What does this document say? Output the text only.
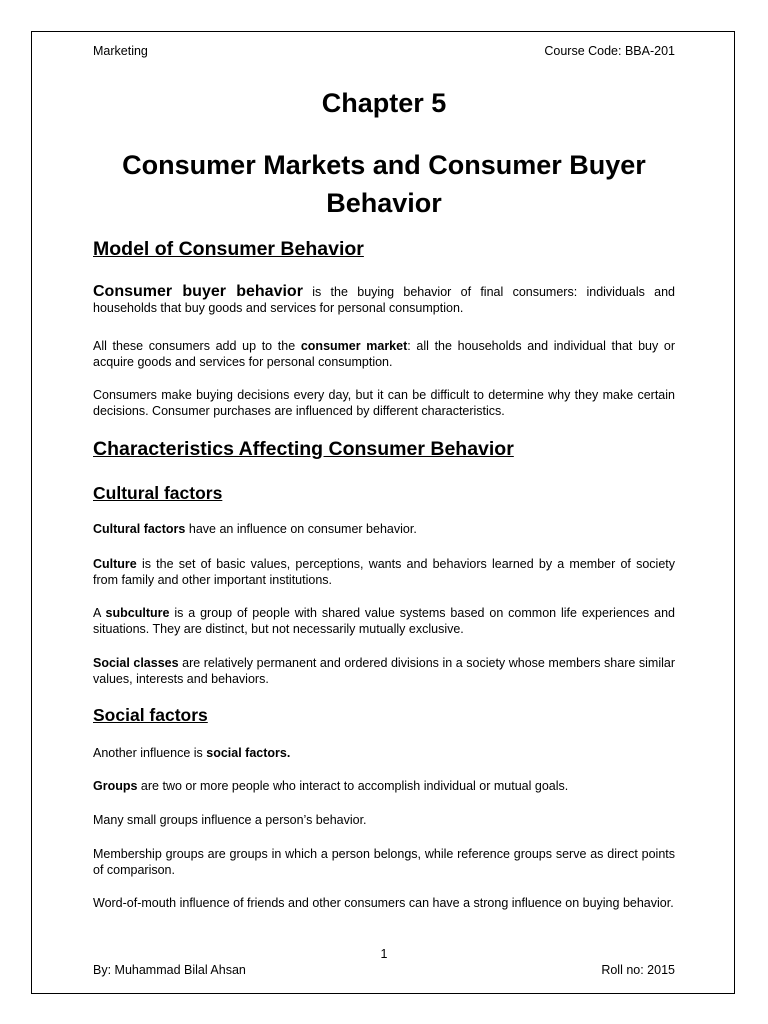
Marketing	Course Code: BBA-201
Chapter 5
Consumer Markets and Consumer Buyer Behavior
Model of Consumer Behavior

Consumer buyer behavior is the buying behavior of final consumers: individuals and households that buy goods and services for personal consumption.

All these consumers add up to the consumer market: all the households and individual that buy or acquire goods and services for personal consumption.

Consumers make buying decisions every day, but it can be difficult to determine why they make certain decisions. Consumer purchases are influenced by different characteristics.

Characteristics Affecting Consumer Behavior
Cultural factors

Cultural factors have an influence on consumer behavior.

Culture is the set of basic values, perceptions, wants and behaviors learned by a member of society from family and other important institutions.

A subculture is a group of people with shared value systems based on common life experiences and situations. They are distinct, but not necessarily mutually exclusive.

Social classes are relatively permanent and ordered divisions in a society whose members share similar values, interests and behaviors.

Social factors

Another influence is social factors.

Groups are two or more people who interact to accomplish individual or mutual goals.

Many small groups influence a person’s behavior.

Membership groups are groups in which a person belongs, while reference groups serve as direct points of comparison.

Word-of-mouth influence of friends and other consumers can have a strong influence on buying behavior.

1
By: Muhammad Bilal Ahsan	Roll no: 2015
